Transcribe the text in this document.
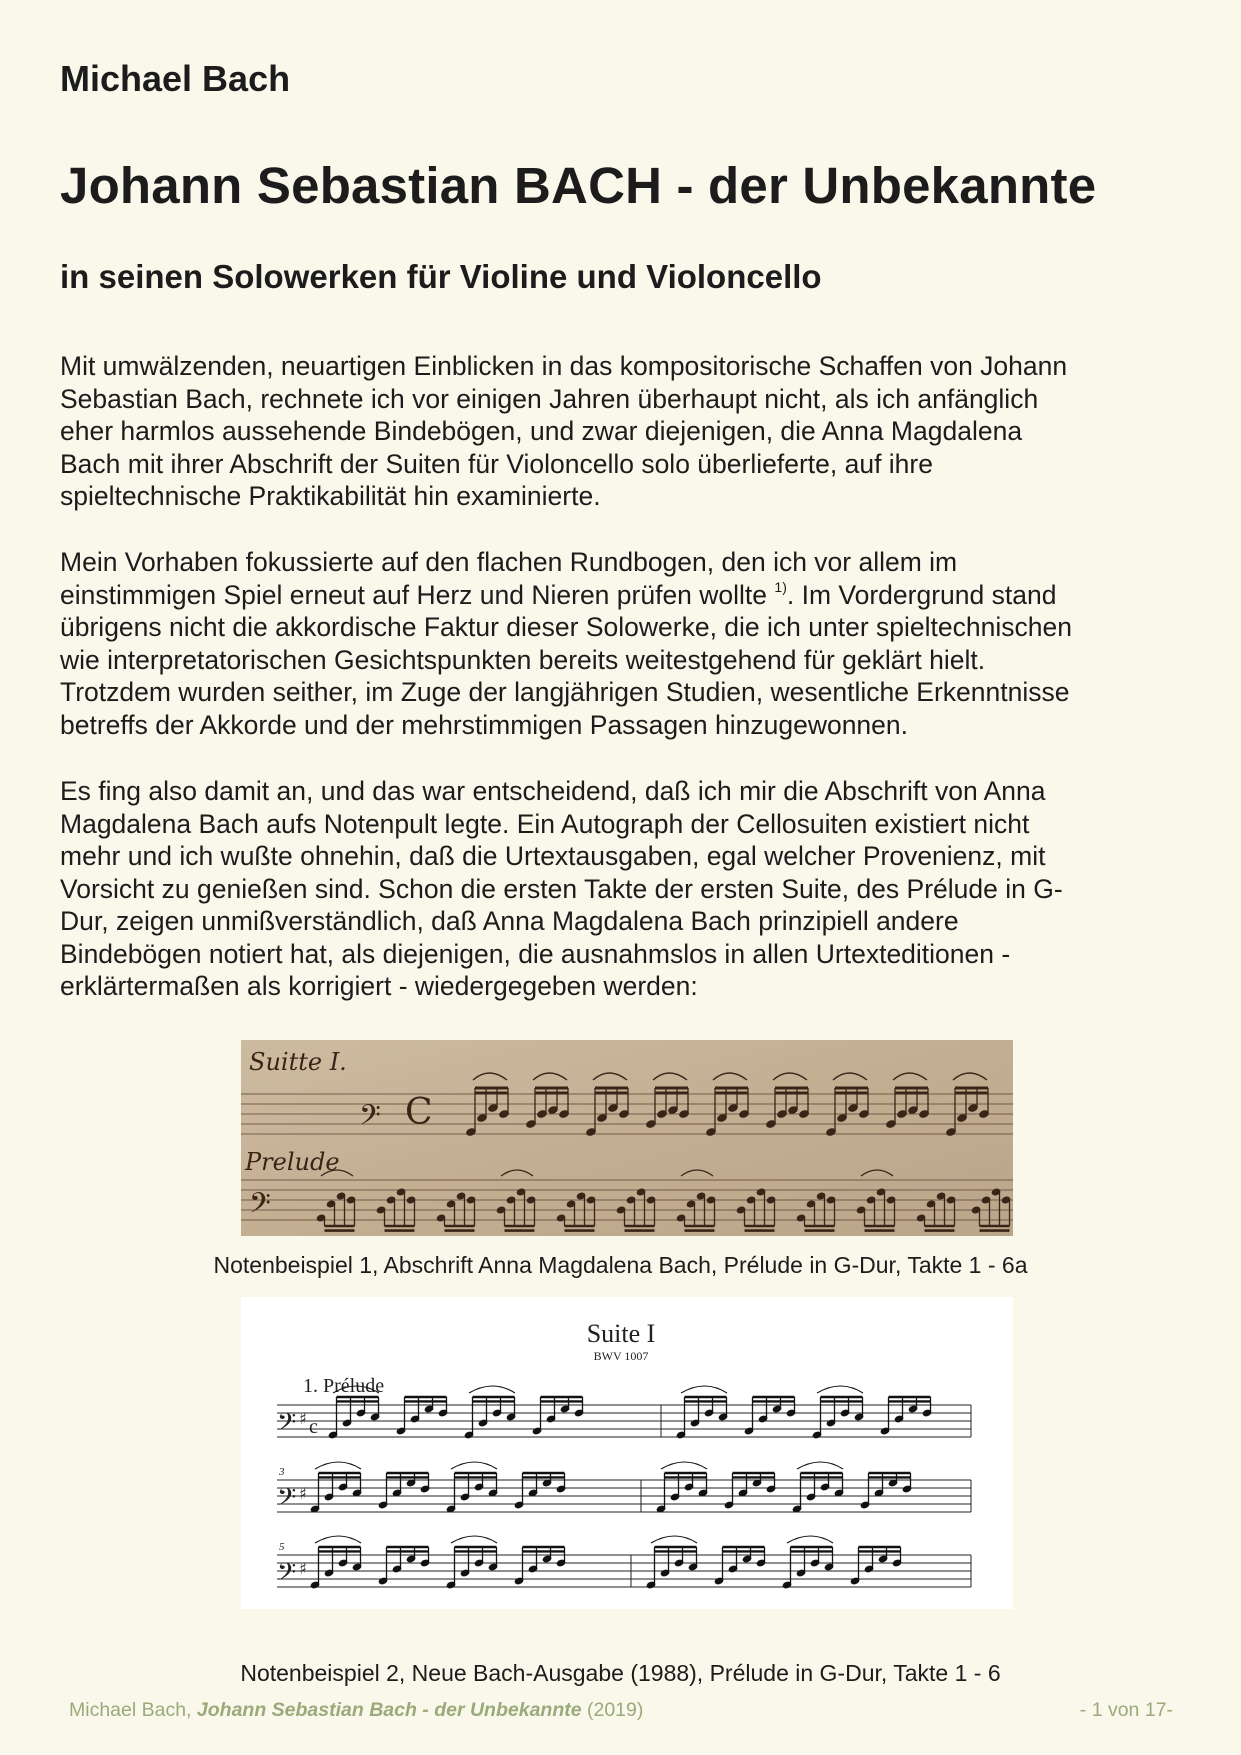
Michael Bach
Johann Sebastian BACH - der Unbekannte
in seinen Solowerken für Violine und Violoncello

Mit umwälzenden, neuartigen Einblicken in das kompositorische Schaffen von Johann
Sebastian Bach, rechnete ich vor einigen Jahren überhaupt nicht, als ich anfänglich
eher harmlos aussehende Bindebögen, und zwar diejenigen, die Anna Magdalena
Bach mit ihrer Abschrift der Suiten für Violoncello solo überlieferte, auf ihre
spieltechnische Praktikabilität hin examinierte.

Mein Vorhaben fokussierte auf den flachen Rundbogen, den ich vor allem im
einstimmigen Spiel erneut auf Herz und Nieren prüfen wollte $^{1)}$. Im Vordergrund stand
übrigens nicht die akkordische Faktur dieser Solowerke, die ich unter spieltechnischen
wie interpretatorischen Gesichtspunkten bereits weitestgehend für geklärt hielt.
Trotzdem wurden seither, im Zuge der langjährigen Studien, wesentliche Erkenntnisse
betreffs der Akkorde und der mehrstimmigen Passagen hinzugewonnen.

Es fing also damit an, und das war entscheidend, daß ich mir die Abschrift von Anna
Magdalena Bach aufs Notenpult legte. Ein Autograph der Cellosuiten existiert nicht
mehr und ich wußte ohnehin, daß die Urtextausgaben, egal welcher Provenienz, mit
Vorsicht zu genießen sind. Schon die ersten Takte der ersten Suite, des Prélude in G-
Dur, zeigen unmißverständlich, daß Anna Magdalena Bach prinzipiell andere
Bindebögen notiert hat, als diejenigen, die ausnahmslos in allen Urtexteditionen -
erklärtermaßen als korrigiert - wiedergegeben werden:

Suitte I.
Prelude
𝄢
𝄢
C
Notenbeispiel 1, Abschrift Anna Magdalena Bach, Prélude in G-Dur, Takte 1 - 6a
Suite I
BWV 1007
1. Prélude
𝄢
𝄢
𝄢
♯
♯
♯
c
3
5
Notenbeispiel 2, Neue Bach-Ausgabe (1988), Prélude in G-Dur, Takte 1 - 6
Michael Bach, Johann Sebastian Bach - der Unbekannte (2019)	- 1 von 17-
